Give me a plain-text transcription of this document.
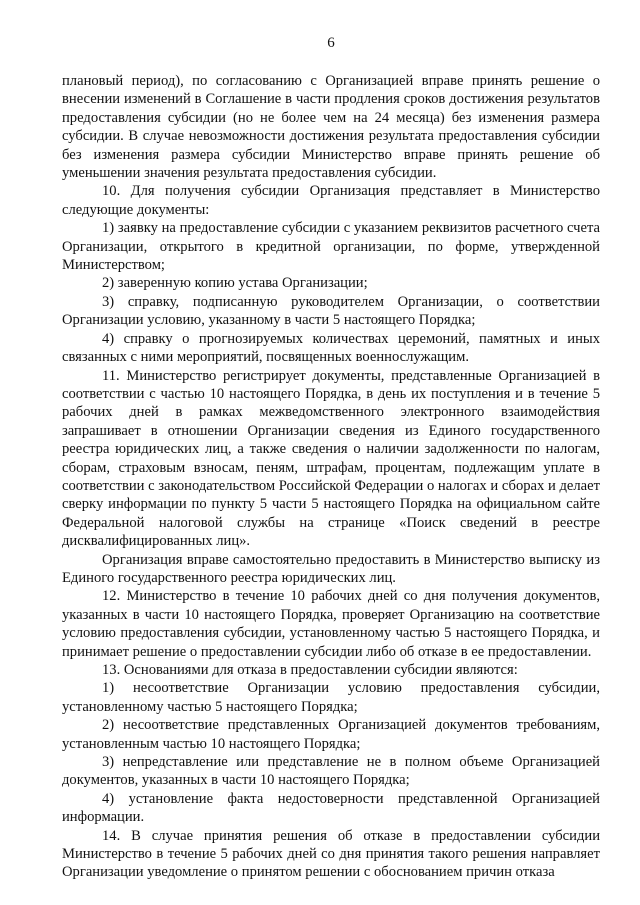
6

плановый период), по согласованию с Организацией вправе принять решение о внесении изменений в Соглашение в части продления сроков достижения результатов предоставления субсидии (но не более чем на 24 месяца) без изменения размера субсидии. В случае невозможности достижения результата предоставления субсидии без изменения размера субсидии Министерство вправе принять решение об уменьшении значения результата предоставления субсидии.

10. Для получения субсидии Организация представляет в Министерство следующие документы:

1) заявку на предоставление субсидии с указанием реквизитов расчетного счета Организации, открытого в кредитной организации, по форме, утвержденной Министерством;

2) заверенную копию устава Организации;

3) справку, подписанную руководителем Организации, о соответствии Организации условию, указанному в части 5 настоящего Порядка;

4) справку о прогнозируемых количествах церемоний, памятных и иных связанных с ними мероприятий, посвященных военнослужащим.

11. Министерство регистрирует документы, представленные Организацией в соответствии с частью 10 настоящего Порядка, в день их поступления и в течение 5 рабочих дней в рамках межведомственного электронного взаимодействия запрашивает в отношении Организации сведения из Единого государственного реестра юридических лиц, а также сведения о наличии задолженности по налогам, сборам, страховым взносам, пеням, штрафам, процентам, подлежащим уплате в соответствии с законодательством Российской Федерации о налогах и сборах и делает сверку информации по пункту 5 части 5 настоящего Порядка на официальном сайте Федеральной налоговой службы на странице «Поиск сведений в реестре дисквалифицированных лиц».

Организация вправе самостоятельно предоставить в Министерство выписку из Единого государственного реестра юридических лиц.

12. Министерство в течение 10 рабочих дней со дня получения документов, указанных в части 10 настоящего Порядка, проверяет Организацию на соответствие условию предоставления субсидии, установленному частью 5 настоящего Порядка, и принимает решение о предоставлении субсидии либо об отказе в ее предоставлении.

13. Основаниями для отказа в предоставлении субсидии являются:

1) несоответствие Организации условию предоставления субсидии, установленному частью 5 настоящего Порядка;

2) несоответствие представленных Организацией документов требованиям, установленным частью 10 настоящего Порядка;

3) непредставление или представление не в полном объеме Организацией документов, указанных в части 10 настоящего Порядка;

4) установление факта недостоверности представленной Организацией информации.

14. В случае принятия решения об отказе в предоставлении субсидии Министерство в течение 5 рабочих дней со дня принятия такого решения направляет Организации уведомление о принятом решении с обоснованием причин отказа
